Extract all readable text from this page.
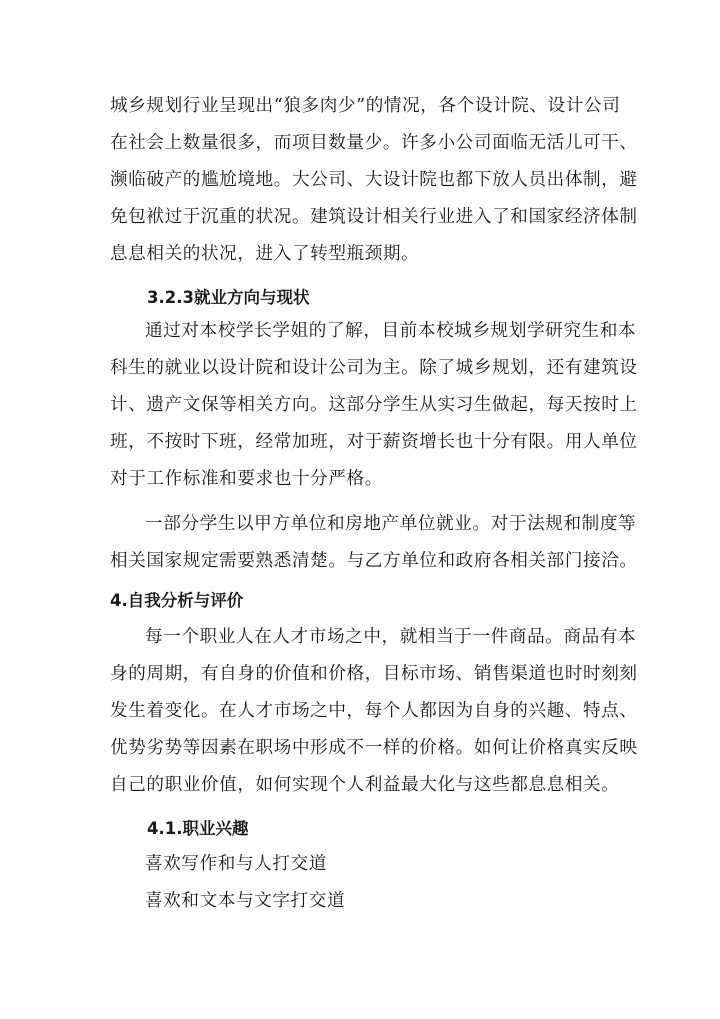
城乡规划行业呈现出“狼多肉少”的情况，各个设计院、设计公司
在社会上数量很多，而项目数量少。许多小公司面临无活儿可干、
濒临破产的尴尬境地。大公司、大设计院也都下放人员出体制，避
免包袱过于沉重的状况。建筑设计相关行业进入了和国家经济体制
息息相关的状况，进入了转型瓶颈期。
3.2.3就业方向与现状
通过对本校学长学姐的了解，目前本校城乡规划学研究生和本
科生的就业以设计院和设计公司为主。除了城乡规划，还有建筑设
计、遗产文保等相关方向。这部分学生从实习生做起，每天按时上
班，不按时下班，经常加班，对于薪资增长也十分有限。用人单位
对于工作标准和要求也十分严格。
一部分学生以甲方单位和房地产单位就业。对于法规和制度等
相关国家规定需要熟悉清楚。与乙方单位和政府各相关部门接洽。
4.自我分析与评价
每一个职业人在人才市场之中，就相当于一件商品。商品有本
身的周期，有自身的价值和价格，目标市场、销售渠道也时时刻刻
发生着变化。在人才市场之中，每个人都因为自身的兴趣、特点、
优势劣势等因素在职场中形成不一样的价格。如何让价格真实反映
自己的职业价值，如何实现个人利益最大化与这些都息息相关。
4.1.职业兴趣
喜欢写作和与人打交道
喜欢和文本与文字打交道
